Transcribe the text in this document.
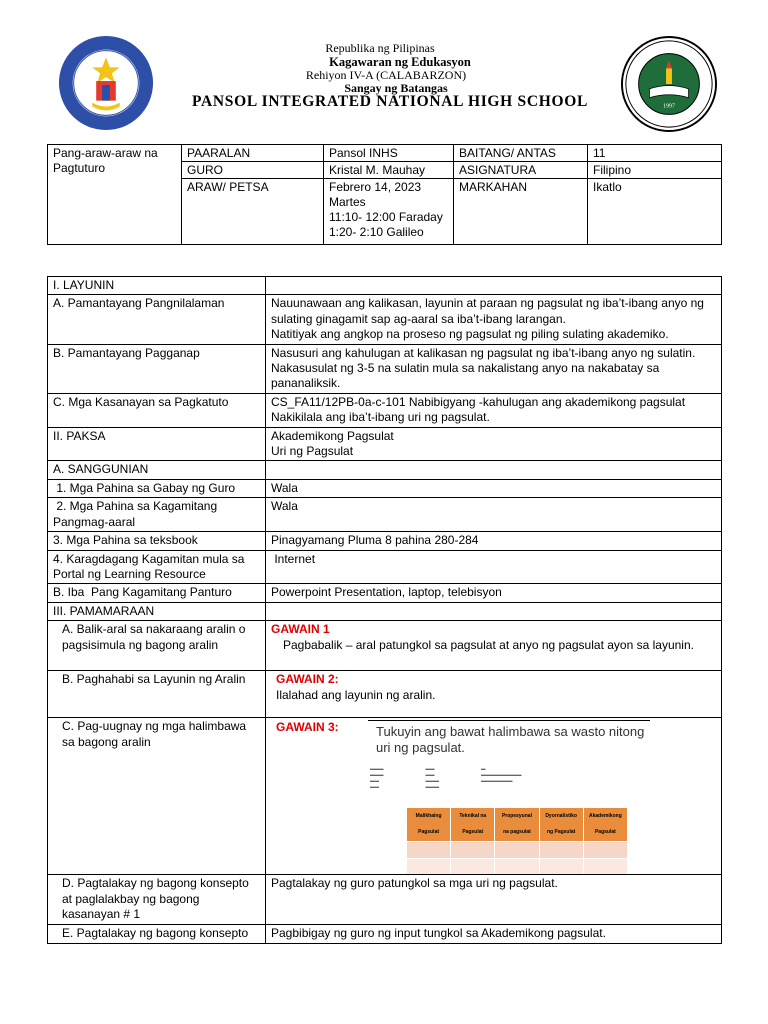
1997
Republika ng Pilipinas
Kagawaran ng Edukasyon
Rehiyon IV-A (CALABARZON)
Sangay ng Batangas
PANSOL INTEGRATED NATIONAL HIGH SCHOOL
Pang-araw-araw na Pagtuturo	PAARALAN	Pansol INHS	BAITANG/ ANTAS	11
	GURO	Kristal M. Mauhay	ASIGNATURA	Filipino
	ARAW/ PETSA	Febrero 14, 2023
Martes
11:10- 12:00 Faraday
1:20- 2:10 Galileo	MARKAHAN	Ikatlo
I. LAYUNIN	
A. Pamantayang Pangnilalaman	Nauunawaan ang kalikasan, layunin at paraan ng pagsulat ng iba’t-ibang anyo ng sulating ginagamit sap ag-aaral sa iba’t-ibang larangan.
Natitiyak ang angkop na proseso ng pagsulat ng piling sulating akademiko.

B. Pamantayang Pagganap	Nasusuri ang kahulugan at kalikasan ng pagsulat ng iba’t-ibang anyo ng sulatin.
Nakasusulat ng 3-5 na sulatin mula sa nakalistang anyo na nakabatay sa pananaliksik.

C. Mga Kasanayan sa Pagkatuto	CS_FA11/12PB-0a-c-101 Nabibigyang -kahulugan ang akademikong pagsulat
Nakikilala ang iba’t-ibang uri ng pagsulat.

II. PAKSA	Akademikong Pagsulat
Uri ng Pagsulat

A. SANGGUNIAN	
1. Mga Pahina sa Gabay ng Guro	Wala
2. Mga Pahina sa Kagamitang Pangmag-aaral	Wala
3. Mga Pahina sa teksbook	Pinagyamang Pluma 8 pahina 280-284
4. Karagdagang Kagamitan mula sa Portal ng Learning Resource	Internet
B. Iba  Pang Kagamitang Panturo	Powerpoint Presentation, laptop, telebisyon
III. PAMAMARAAN	
A. Balik-aral sa nakaraang aralin o pagsisimula ng bagong aralin	
GAWAIN 1
Pagbabalik – aral patungkol sa pagsulat at anyo ng pagsulat ayon sa layunin.

B. Paghahabi sa Layunin ng Aralin	GAWAIN 2:
Ilalahad ang layunin ng aralin.

C. Pag-uugnay ng mga halimbawa sa bagong aralin	
GAWAIN 3:	Tukuyin ang bawat halimbawa sa wasto nitong uri ng pagsulat.
▬▬▬
▬▬▬
▬▬
▬▬
▬▬
▬▬
▬▬▬
▬▬▬
▬
▬▬▬▬▬▬▬▬▬
▬▬▬▬▬▬▬
Malikhaing Pagsulat	Teknikal na Pagsulat	Propesyunal na pagsulat	Dyornalistiko ng Pagsulat	Akademikong Pagsulat

D. Pagtalakay ng bagong konsepto at paglalakbay ng bagong kasanayan # 1	Pagtalakay ng guro patungkol sa mga uri ng pagsulat.
E. Pagtalakay ng bagong konsepto	Pagbibigay ng guro ng input tungkol sa Akademikong pagsulat.
